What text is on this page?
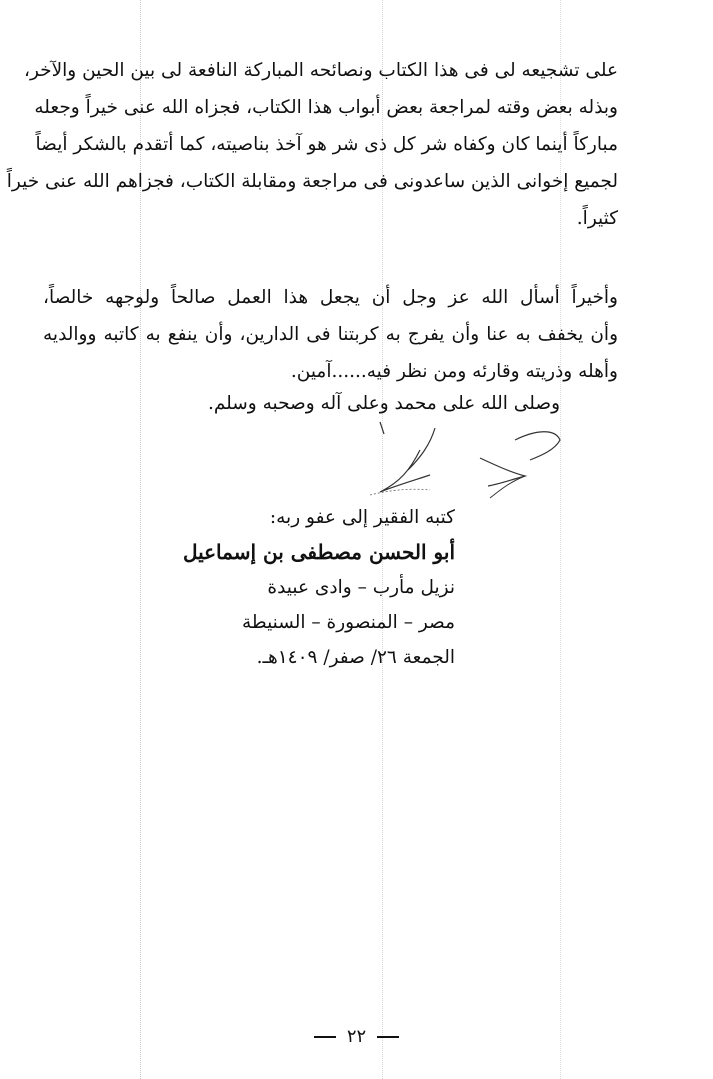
على تشجيعه لى فى هذا الكتاب ونصائحه المباركة النافعة لى بين الحين والآخر،
وبذله بعض وقته لمراجعة بعض أبواب هذا الكتاب، فجزاه الله عنى خيراً وجعله
مباركاً أينما كان وكفاه شر كل ذى شر هو آخذ بناصيته، كما أتقدم بالشكر أيضاً
لجميع إخوانى الذين ساعدونى فى مراجعة ومقابلة الكتاب، فجزاهم الله عنى خيراً
كثيراً.
وأخيراً أسأل الله عز وجل أن يجعل هذا العمل صالحاً ولوجهه خالصاً،
وأن يخفف به عنا وأن يفرج به كربتنا فى الدارين، وأن ينفع به كاتبه ووالديه
وأهله وذريته وقارئه ومن نظر فيه......آمين.
وصلى الله على محمد وعلى آله وصحبه وسلم.
كتبه الفقير إلى عفو ربه:
أبو الحسن مصطفى بن إسماعيل
نزيل مأرب – وادى عبيدة
مصر – المنصورة – السنيطة
الجمعة ٢٦/ صفر/ ١٤٠٩هـ.
٢٢
